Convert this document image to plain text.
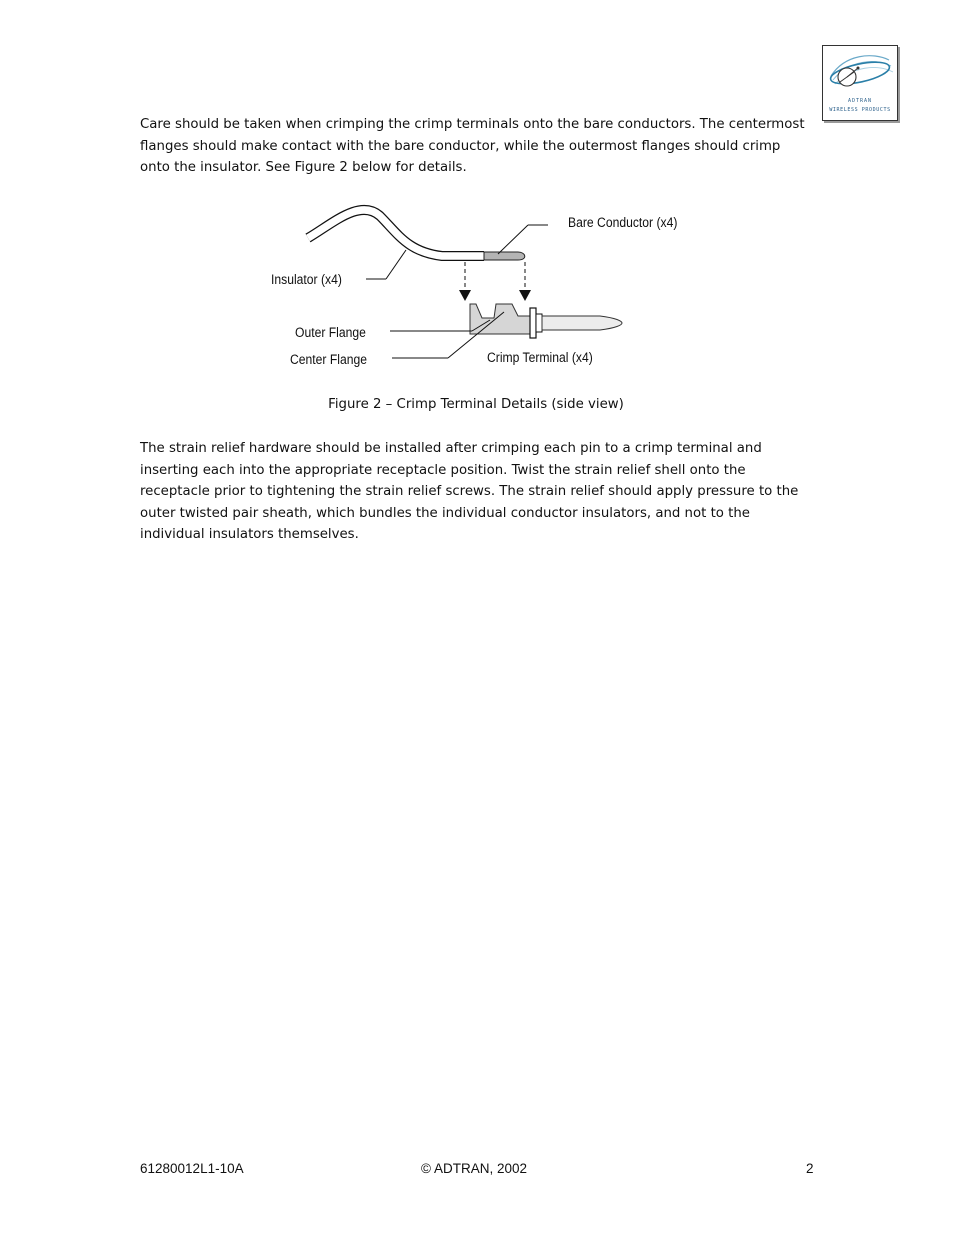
ADTRAN
WIRELESS PRODUCTS

Care should be taken when crimping the crimp terminals onto the bare conductors. The centermost flanges should make contact with the bare conductor, while the outermost flanges should crimp onto the insulator. See Figure 2 below for details.

Bare Conductor (x4)
Insulator (x4)
Outer Flange
Center Flange	Crimp Terminal (x4)
Figure 2 – Crimp Terminal Details (side view)

The strain relief hardware should be installed after crimping each pin to a crimp terminal and inserting each into the appropriate receptacle position. Twist the strain relief shell onto the receptacle prior to tightening the strain relief screws. The strain relief should apply pressure to the outer twisted pair sheath, which bundles the individual conductor insulators, and not to the individual insulators themselves.

61280012L1-10A	© ADTRAN, 2002	2
